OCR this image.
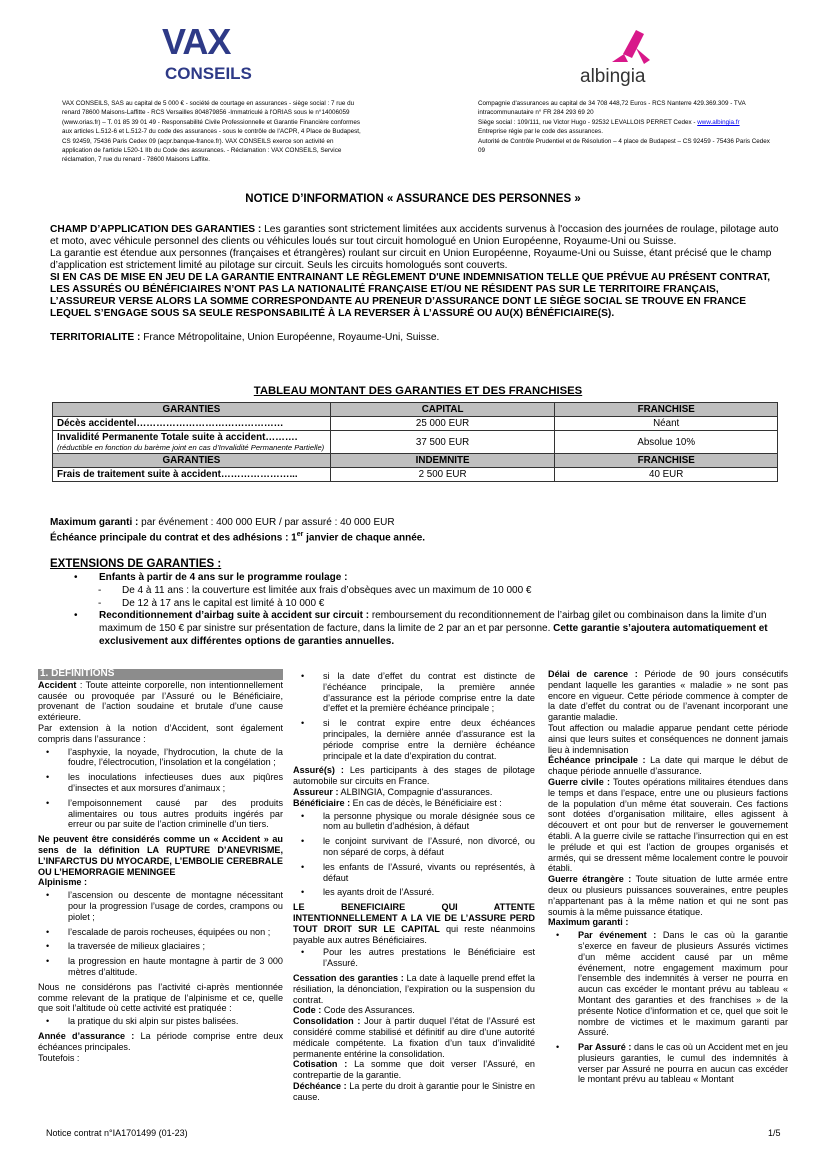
VAX
CONSEILS	albingia
VAX CONSEILS, SAS au capital de 5 000 € - société de courtage en assurances - siège social : 7 rue du renard 78600 Maisons-Laffitte - RCS Versailles 804879856 -Immatriculé à l'ORIAS sous le n°14006059 (www.orias.fr) – T. 01 85 39 01 49 - Responsabilité Civile Professionnelle et Garantie Financière conformes aux articles L.512-6 et L.512-7 du code des assurances - sous le contrôle de l'ACPR, 4 Place de Budapest, CS 92459, 75436 Paris Cedex 09 (acpr.banque-france.fr). VAX CONSEILS exerce son activité en application de l'article L520-1 IIb du Code des assurances. - Réclamation : VAX CONSEILS, Service réclamation, 7 rue du renard - 78600 Maisons Laffite.
Compagnie d'assurances au capital de 34 708 448,72 Euros - RCS Nanterre 429.369.309 - TVA intracommunautaire n° FR 284 293 69 20
Siège social : 109/111, rue Victor Hugo - 92532 LEVALLOIS PERRET Cedex - www.albingia.fr
Entreprise régie par le code des assurances.
Autorité de Contrôle Prudentiel et de Résolution – 4 place de Budapest – CS 92459 - 75436 Paris Cedex 09
NOTICE D’INFORMATION « ASSURANCE DES PERSONNES »

CHAMP D’APPLICATION DES GARANTIES : Les garanties sont strictement limitées aux accidents survenus à l'occasion des journées de roulage, pilotage auto et moto, avec véhicule personnel des clients ou véhicules loués sur tout circuit homologué en Union Européenne, Royaume-Uni ou Suisse.

La garantie est étendue aux personnes (françaises et étrangères) roulant sur circuit en Union Européenne, Royaume-Uni ou Suisse, étant précisé que le champ d’application est strictement limité au pilotage sur circuit. Seuls les circuits homologués sont couverts.

SI EN CAS DE MISE EN JEU DE LA GARANTIE ENTRAINANT LE RÈGLEMENT D'UNE INDEMNISATION TELLE QUE PRÉVUE AU PRÉSENT CONTRAT, LES ASSURÉS OU BÉNÉFICIAIRES N’ONT PAS LA NATIONALITÉ FRANÇAISE ET/OU NE RÉSIDENT PAS SUR LE TERRITOIRE FRANÇAIS, L’ASSUREUR VERSE ALORS LA SOMME CORRESPONDANTE AU PRENEUR D’ASSURANCE DONT LE SIÈGE SOCIAL SE TROUVE EN FRANCE LEQUEL S’ENGAGE SOUS SA SEULE RESPONSABILITÉ À LA REVERSER À L’ASSURÉ OU AU(X) BÉNÉFICIAIRE(S).

TERRITORIALITE : France Métropolitaine, Union Européenne, Royaume-Uni, Suisse.

TABLEAU MONTANT DES GARANTIES ET DES FRANCHISES
GARANTIES	CAPITAL	FRANCHISE
Décès accidentel………………………………………	25 000 EUR	Néant

Invalidité Permanente Totale suite à accident……….
(réductible en fonction du barème joint en cas d’Invalidité Permanente Partielle)	37 500 EUR	Absolue 10%
GARANTIES	INDEMNITE	FRANCHISE
Frais de traitement suite à accident…………………...	2 500 EUR	40 EUR
Maximum garanti : par événement : 400 000 EUR / par assuré : 40 000 EUR
Échéance principale du contrat et des adhésions : 1er janvier de chaque année.
EXTENSIONS DE GARANTIES :
• Enfants à partir de 4 ans sur le programme roulage :
- De 4 à 11 ans : la couverture est limitée aux frais d’obsèques avec un maximum de 10 000 €
- De 12 à 17 ans le capital est limité à 10 000 €
• Reconditionnement d’airbag suite à accident sur circuit : remboursement du reconditionnement de l’airbag gilet ou combinaison dans la limite d’un maximum de 150 € par sinistre sur présentation de facture, dans la limite de 2 par an et par personne. Cette garantie s’ajoutera automatiquement et exclusivement aux différentes options de garanties annuelles.
1. DEFINITIONS

Accident : Toute atteinte corporelle, non intentionnellement causée ou provoquée par l’Assuré ou le Bénéficiaire, provenant de l’action soudaine et brutale d’une cause extérieure.

Par extension à la notion d’Accident, sont également compris dans l’assurance :

• l’asphyxie, la noyade, l’hydrocution, la chute de la foudre, l’électrocution, l’insolation et la congélation ;
• les inoculations infectieuses dues aux piqûres d’insectes et aux morsures d’animaux ;
• l’empoisonnement causé par des produits alimentaires ou tous autres produits ingérés par erreur ou par suite de l’action criminelle d’un tiers.

Ne peuvent être considérés comme un « Accident » au sens de la définition LA RUPTURE D’ANEVRISME, L’INFARCTUS DU MYOCARDE, L’EMBOLIE CEREBRALE OU L’HEMORRAGIE MENINGEE

Alpinisme :

• l’ascension ou descente de montagne nécessitant pour la progression l’usage de cordes, crampons ou piolet ;
• l’escalade de parois rocheuses, équipées ou non ;
• la traversée de milieux glaciaires ;
• la progression en haute montagne à partir de 3 000 mètres d’altitude.

Nous ne considérons pas l’activité ci-après mentionnée comme relevant de la pratique de l’alpinisme et ce, quelle que soit l’altitude où cette activité est pratiquée :

• la pratique du ski alpin sur pistes balisées.

Année d’assurance : La période comprise entre deux échéances principales.

Toutefois :

• si la date d’effet du contrat est distincte de l’échéance principale, la première année d’assurance est la période comprise entre la date d’effet et la première échéance principale ;
• si le contrat expire entre deux échéances principales, la dernière année d’assurance est la période comprise entre la dernière échéance principale et la date d’expiration du contrat.

Assuré(s) : Les participants à des stages de pilotage automobile sur circuits en France.

Assureur : ALBINGIA, Compagnie d'assurances.

Bénéficiaire : En cas de décès, le Bénéficiaire est :

• la personne physique ou morale désignée sous ce nom au bulletin d’adhésion, à défaut
• le conjoint survivant de l’Assuré, non divorcé, ou non séparé de corps, à défaut
• les enfants de l’Assuré, vivants ou représentés, à défaut
• les ayants droit de l’Assuré.

LE BENEFICIAIRE QUI ATTENTE INTENTIONNELLEMENT A LA VIE DE L’ASSURE PERD TOUT DROIT SUR LE CAPITAL qui reste néanmoins payable aux autres Bénéficiaires.

• Pour les autres prestations le Bénéficiaire est l’Assuré.

Cessation des garanties : La date à laquelle prend effet la résiliation, la dénonciation, l’expiration ou la suspension du contrat.

Code : Code des Assurances.

Consolidation : Jour à partir duquel l’état de l’Assuré est considéré comme stabilisé et définitif au dire d’une autorité médicale compétente. La fixation d’un taux d’invalidité permanente entérine la consolidation.

Cotisation : La somme que doit verser l’Assuré, en contrepartie de la garantie.

Déchéance : La perte du droit à garantie pour le Sinistre en cause.

Délai de carence : Période de 90 jours consécutifs pendant laquelle les garanties « maladie » ne sont pas encore en vigueur. Cette période commence à compter de la date d’effet du contrat ou de l’avenant incorporant une garantie maladie.

Tout affection ou maladie apparue pendant cette période ainsi que leurs suites et conséquences ne donnent jamais lieu à indemnisation

Échéance principale : La date qui marque le début de chaque période annuelle d’assurance.

Guerre civile : Toutes opérations militaires étendues dans le temps et dans l’espace, entre une ou plusieurs factions de la population d’un même état souverain. Ces factions sont dotées d’organisation militaire, elles agissent à découvert et ont pour but de renverser le gouvernement établi. A la guerre civile se rattache l’insurrection qui en est le prélude et qui est l’action de groupes organisés et armés, qui se dressent même localement contre le pouvoir établi.

Guerre étrangère : Toute situation de lutte armée entre deux ou plusieurs puissances souveraines, entre peuples n’appartenant pas à la même nation et qui ne sont pas soumis à la même puissance étatique.

Maximum garanti :

• Par événement : Dans le cas où la garantie s’exerce en faveur de plusieurs Assurés victimes d’un même accident causé par un même événement, notre engagement maximum pour l’ensemble des indemnités à verser ne pourra en aucun cas excéder le montant prévu au tableau « Montant des garanties et des franchises » de la présente Notice d’information et ce, quel que soit le nombre de victimes et le maximum garanti par Assuré.
• Par Assuré : dans le cas où un Accident met en jeu plusieurs garanties, le cumul des indemnités à verser par Assuré ne pourra en aucun cas excéder le montant prévu au tableau « Montant
Notice contrat n°IA1701499 (01-23)	1/5
